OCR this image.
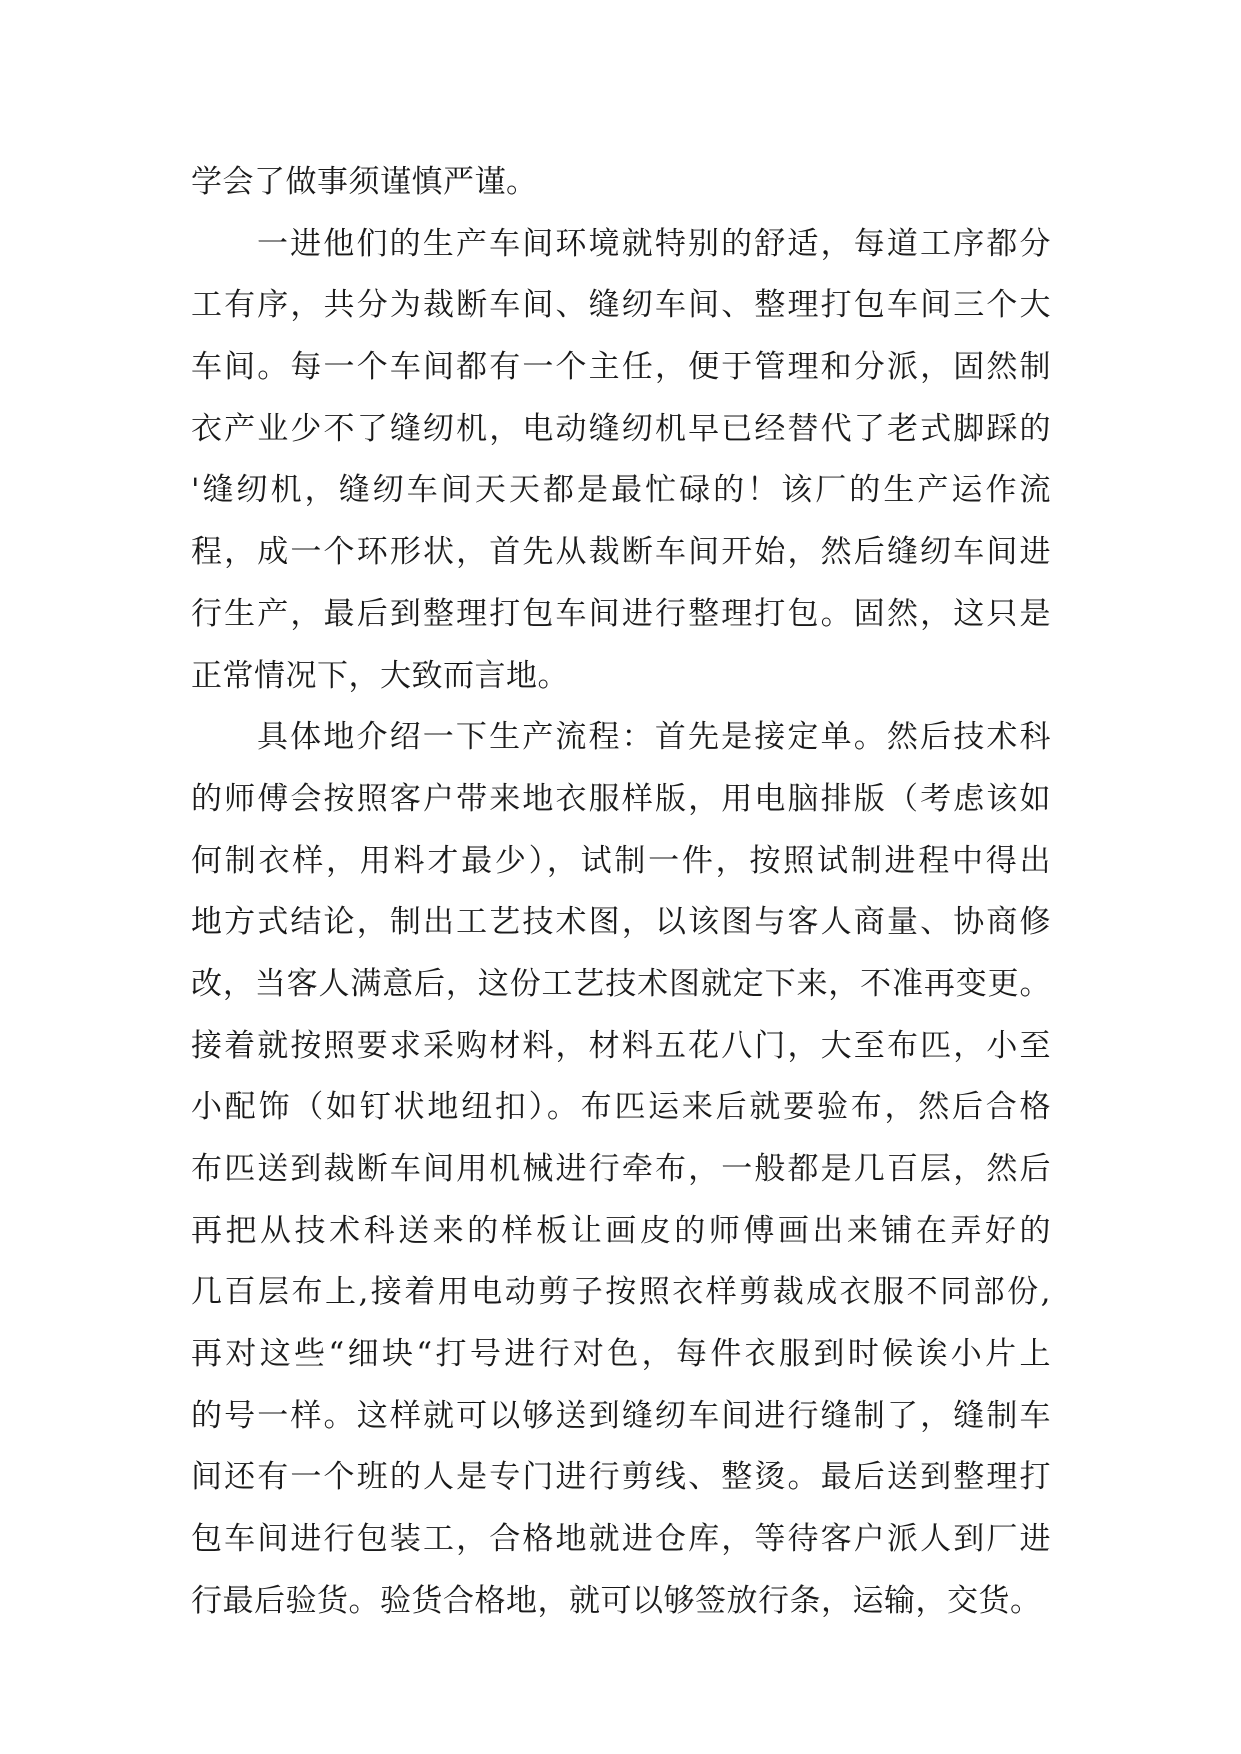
学会了做事须谨慎严谨。
一进他们的生产车间环境就特别的舒适，每道工序都分
工有序，共分为裁断车间、缝纫车间、整理打包车间三个大
车间。每一个车间都有一个主任，便于管理和分派，固然制
衣产业少不了缝纫机，电动缝纫机早已经替代了老式脚踩的
'缝纫机，缝纫车间天天都是最忙碌的！该厂的生产运作流
程，成一个环形状，首先从裁断车间开始，然后缝纫车间进
行生产，最后到整理打包车间进行整理打包。固然，这只是
正常情况下，大致而言地。
具体地介绍一下生产流程：首先是接定单。然后技术科
的师傅会按照客户带来地衣服样版，用电脑排版（考虑该如
何制衣样，用料才最少），试制一件，按照试制进程中得出
地方式结论，制出工艺技术图，以该图与客人商量、协商修
改，当客人满意后，这份工艺技术图就定下来，不准再变更。
接着就按照要求采购材料，材料五花八门，大至布匹，小至
小配饰（如钉状地纽扣）。布匹运来后就要验布，然后合格
布匹送到裁断车间用机械进行牵布，一般都是几百层，然后
再把从技术科送来的样板让画皮的师傅画出来铺在弄好的
几百层布上,接着用电动剪子按照衣样剪裁成衣服不同部份,
再对这些“细块“打号进行对色，每件衣服到时候诶小片上
的号一样。这样就可以够送到缝纫车间进行缝制了，缝制车
间还有一个班的人是专门进行剪线、整烫。最后送到整理打
包车间进行包装工，合格地就进仓库，等待客户派人到厂进
行最后验货。验货合格地，就可以够签放行条，运输，交货。
